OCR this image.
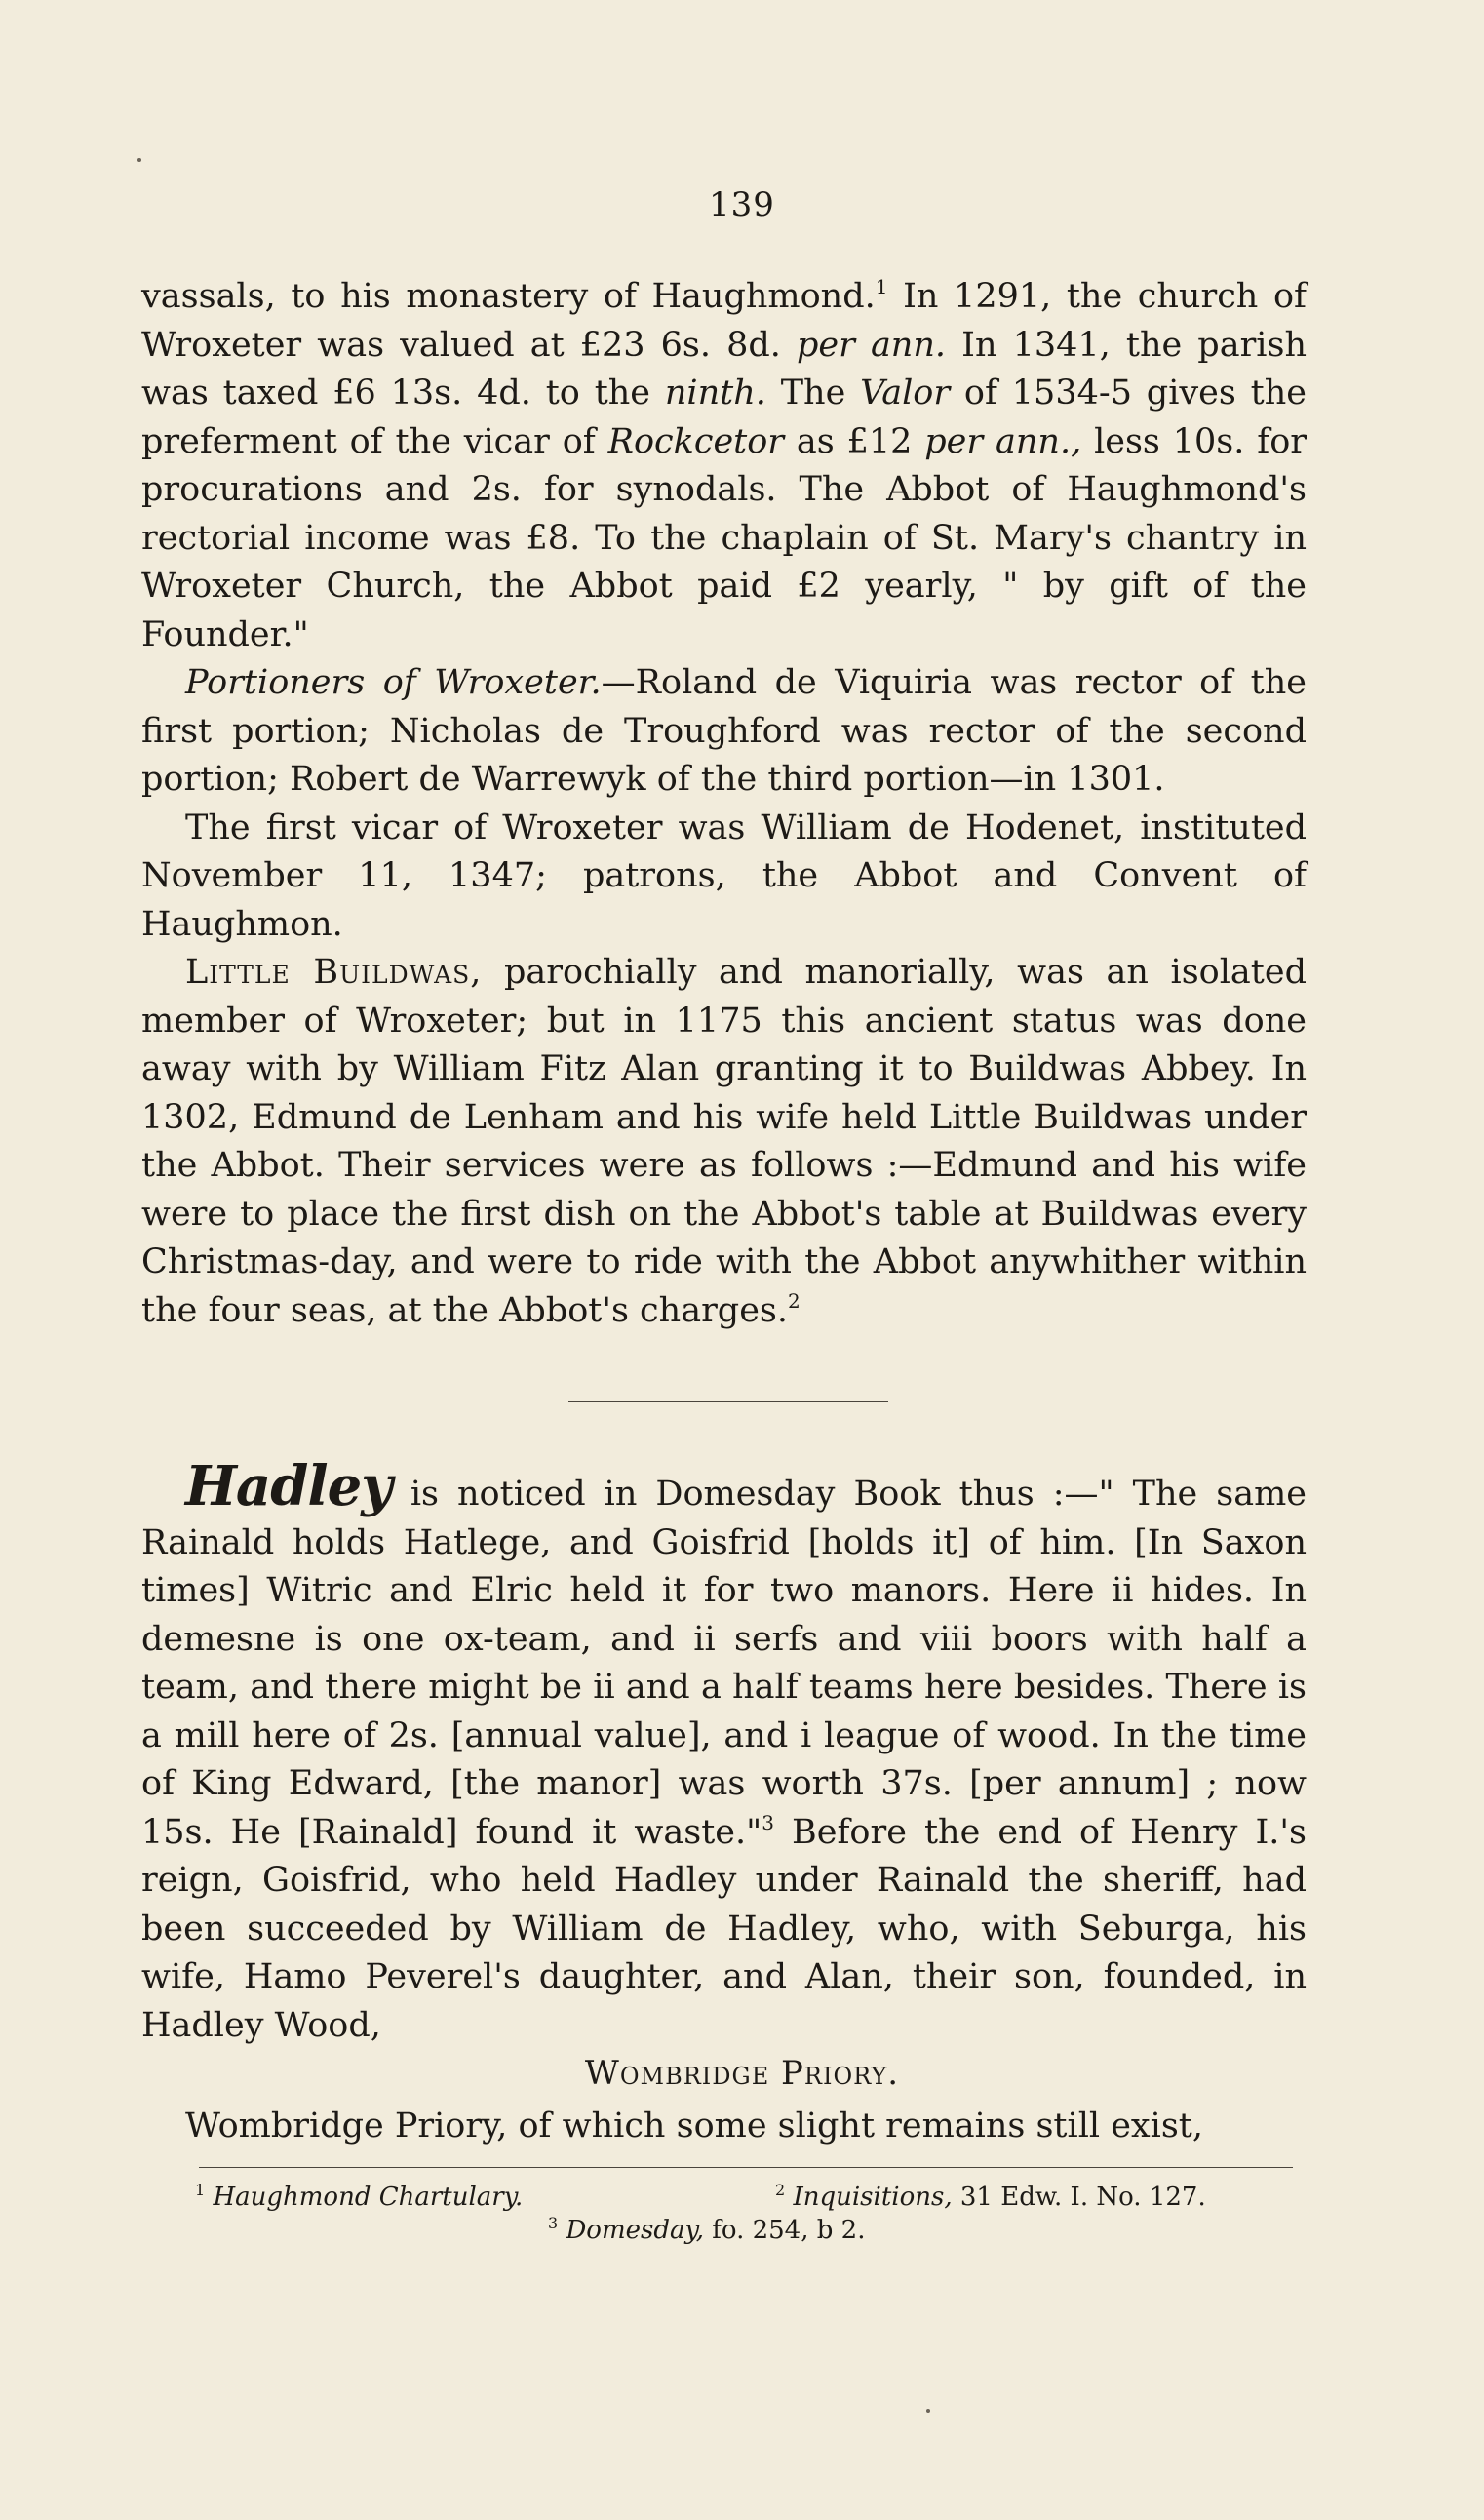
139

vassals, to his monastery of Haughmond.$^1$ In 1291, the church of Wroxeter was valued at £23 6s. 8d. per ann. In 1341, the parish was taxed £6 13s. 4d. to the ninth. The Valor of 1534-5 gives the preferment of the vicar of Rockcetor as £12 per ann., less 10s. for procurations and 2s. for synodals. The Abbot of Haughmond's rectorial income was £8. To the chaplain of St. Mary's chantry in Wroxeter Church, the Abbot paid £2 yearly, " by gift of the Founder."

Portioners of Wroxeter.—Roland de Viquiria was rector of the first portion; Nicholas de Troughford was rector of the second portion; Robert de Warrewyk of the third portion—in 1301.

The first vicar of Wroxeter was William de Hodenet, instituted November 11, 1347; patrons, the Abbot and Convent of Haughmon.

Little Buildwas, parochially and manorially, was an isolated member of Wroxeter; but in 1175 this ancient status was done away with by William Fitz Alan granting it to Buildwas Abbey. In 1302, Edmund de Lenham and his wife held Little Buildwas under the Abbot. Their services were as follows :—Edmund and his wife were to place the first dish on the Abbot's table at Buildwas every Christmas-day, and were to ride with the Abbot anywhither within the four seas, at the Abbot's charges.$^2$

Hadley is noticed in Domesday Book thus :—" The same Rainald holds Hatlege, and Goisfrid [holds it] of him. [In Saxon times] Witric and Elric held it for two manors. Here ii hides. In demesne is one ox-team, and ii serfs and viii boors with half a team, and there might be ii and a half teams here besides. There is a mill here of 2s. [annual value], and i league of wood. In the time of King Edward, [the manor] was worth 37s. [per annum] ; now 15s. He [Rainald] found it waste."$^3$ Before the end of Henry I.'s reign, Goisfrid, who held Hadley under Rainald the sheriff, had been succeeded by William de Hadley, who, with Seburga, his wife, Hamo Peverel's daughter, and Alan, their son, founded, in Hadley Wood,

Wombridge Priory.
Wombridge Priory, of which some slight remains still exist,
$^1$ Haughmond Chartulary.	$^2$ Inquisitions, 31 Edw. I. No. 127.
$^3$ Domesday, fo. 254, b 2.
